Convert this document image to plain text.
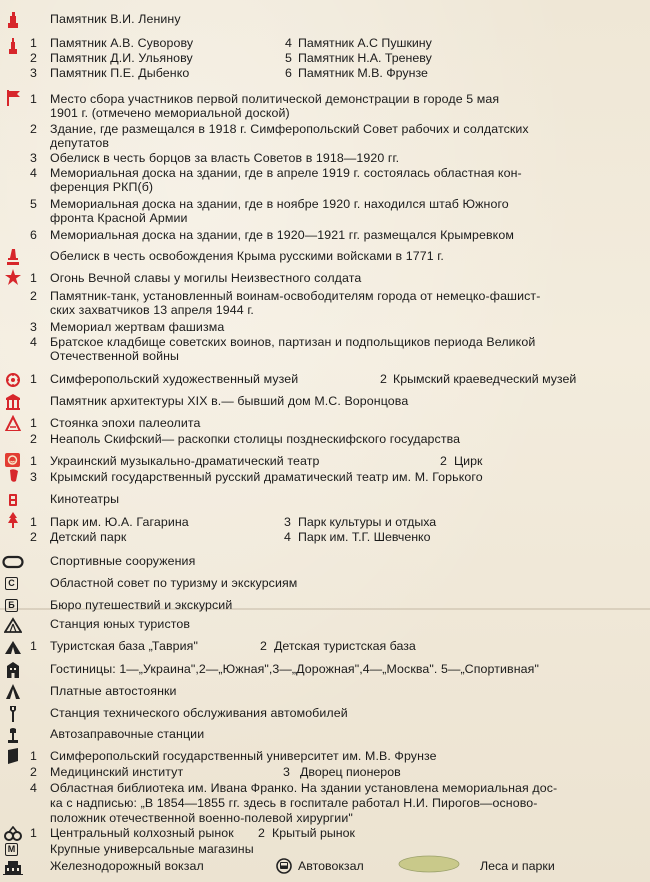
Памятник В.И. Ленину
1	Памятник А.В. Суворову	4 Памятник А.С Пушкину
2	Памятник Д.И. Ульянову	5 Памятник Н.А. Треневу
3	Памятник П.Е. Дыбенко	6 Памятник М.В. Фрунзе
1	Место сбора участников первой политической демонстрации в городе 5 мая
1901 г. (отмечено мемориальной доской)
2	Здание, где размещался в 1918 г. Симферопольский Совет рабочих и солдатских
депутатов
3	Обелиск в честь борцов за власть Советов в 1918—1920 гг.
4	Мемориальная доска на здании, где в апреле 1919 г. состоялась областная кон-
ференция РКП(б)
5	Мемориальная доска на здании, где в ноябре 1920 г. находился штаб Южного
фронта Красной Армии
6	Мемориальная доска на здании, где в 1920—1921 гг. размещался Крымревком
Обелиск в честь освобождения Крыма русскими войсками в 1771 г.
1	Огонь Вечной славы у могилы Неизвестного солдата
2	Памятник-танк, установленный воинам-освободителям города от немецко-фашист-
ских захватчиков 13 апреля 1944 г.
3	Мемориал жертвам фашизма
4	Братское кладбище советских воинов, партизан и подпольщиков периода Великой
Отечественной войны
1	Симферопольский художественный музей	2 Крымский краеведческий музей
Памятник архитектуры XIX в.— бывший дом М.С. Воронцова
1	Стоянка эпохи палеолита
2	Неаполь Скифский— раскопки столицы позднескифского государства
1	Украинский музыкально-драматический театр	2 Цирк
3	Крымский государственный русский драматический театр им. М. Горького
Кинотеатры
1	Парк им. Ю.А. Гагарина	3 Парк культуры и отдыха
2	Детский парк	4 Парк им. Т.Г. Шевченко
Спортивные сооружения
С	Областной совет по туризму и экскурсиям
Б	Бюро путешествий и экскурсий
Станция юных туристов
1	Туристская база „Таврия"	2 Детская туристская база
Гостиницы: 1—„Украина",2—„Южная",3—„Дорожная",4—„Москва". 5—„Спортивная"
Платные автостоянки
Станция технического обслуживания автомобилей
Автозаправочные станции
1	Симферопольский государственный университет им. М.В. Фрунзе
2	Медицинский институт	3 Дворец пионеров
4	Областная библиотека им. Ивана Франко. На здании установлена мемориальная дос-
ка с надписью: „В 1854—1855 гг. здесь в госпитале работал Н.И. Пирогов—осново-
положник отечественной военно-полевой хирургии"
1	Центральный колхозный рынок 2 Крытый рынок
М	Крупные универсальные магазины
Железнодорожный вокзал	Автовокзал	Леса и парки
